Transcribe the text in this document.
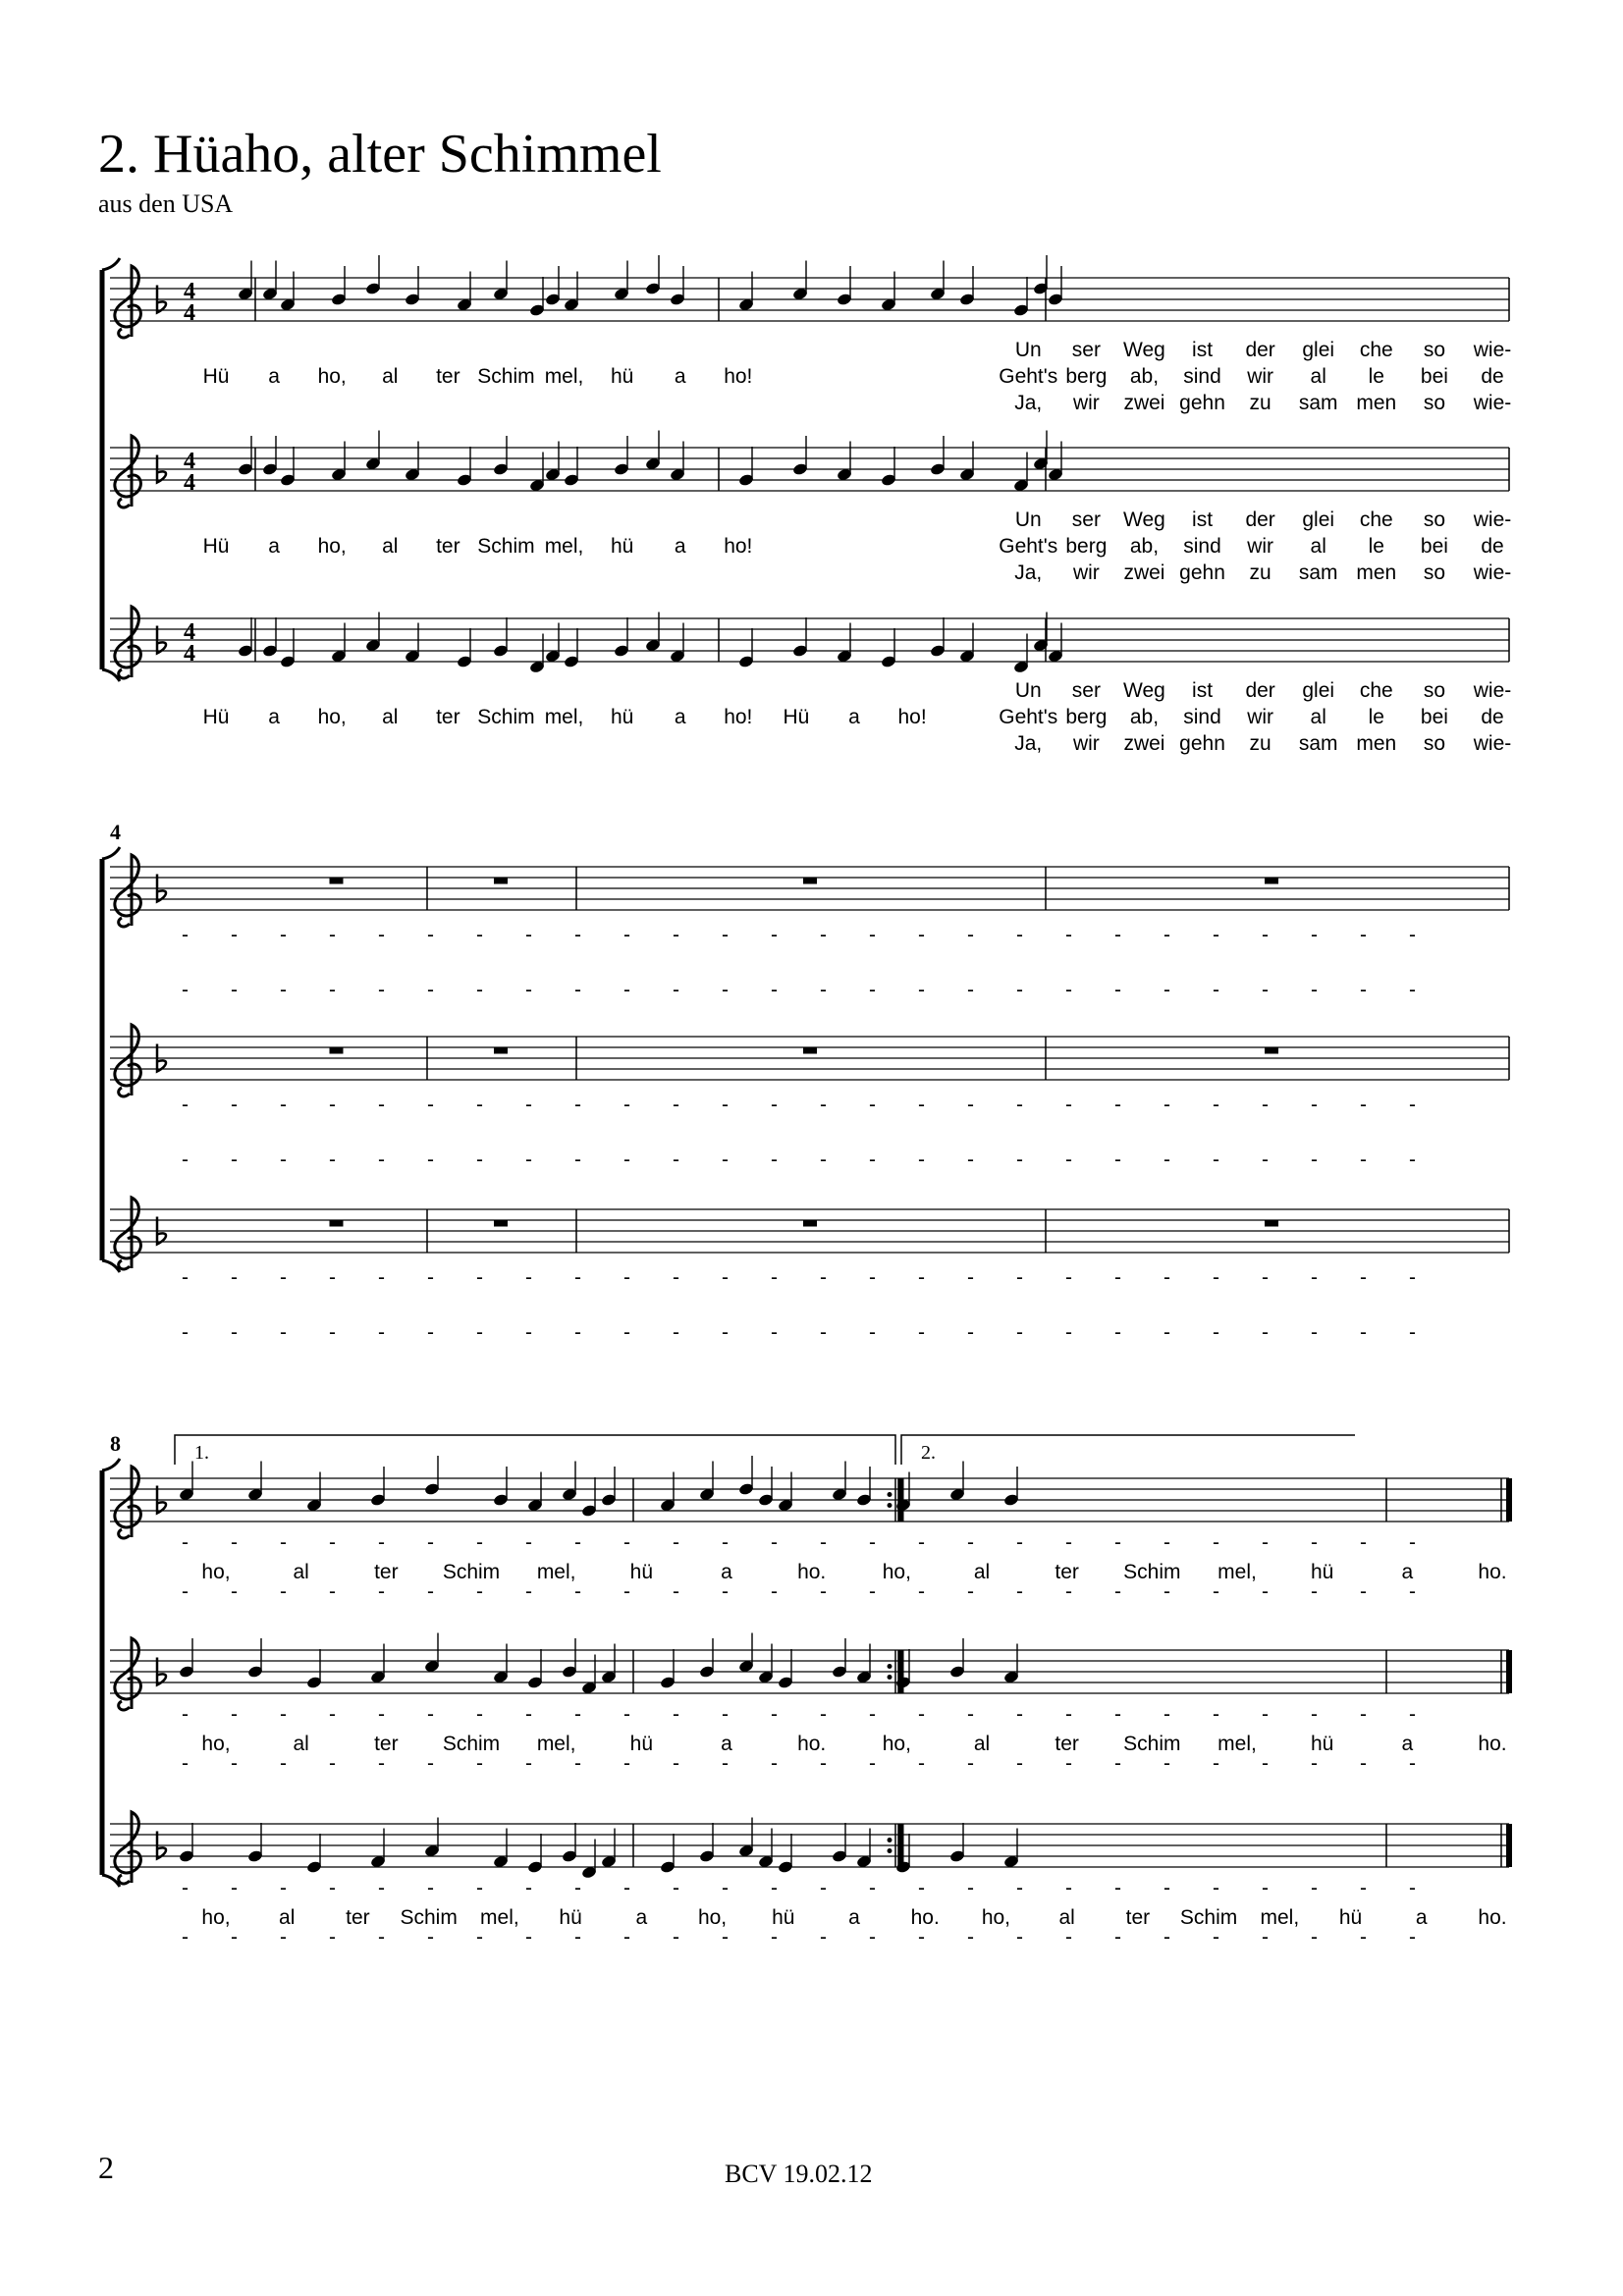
2. Hüaho, alter Schimmel
aus den USA
4
4
Un ser Weg ist der glei che so wie-
Hü a ho, al ter Schim mel, hü a ho!	Geht's berg ab, sind wir al le bei de
Ja, wir zwei gehn zu sam men so wie-
4
4
Un ser Weg ist der glei che so wie-
Hü a ho, al ter Schim mel, hü a ho!	Geht's berg ab, sind wir al le bei de
Ja, wir zwei gehn zu sam men so wie-
4
4
Un ser Weg ist der glei che so wie-
Hü a ho, al ter Schim mel, hü a ho! Hü a ho!	Geht's berg ab, sind wir al le bei de
Ja, wir zwei gehn zu sam men so wie-
4
- - - - - - - - - - - - - - - - - - - - - - - - - -
- - - - - - - - - - - - - - - - - - - - - - - - - -
- - - - - - - - - - - - - - - - - - - - - - - - - -
- - - - - - - - - - - - - - - - - - - - - - - - - -
- - - - - - - - - - - - - - - - - - - - - - - - - -
- - - - - - - - - - - - - - - - - - - - - - - - - -
8
ho,	al	ter Schim mel,	hü	a	ho.	ho,	al	ter Schim mel,	hü	a	ho.
- - - - - - - - - - - - - - - - - - - - - - - - - -
- - - - - - - - - - - - - - - - - - - - - - - - - -
ho,	al	ter Schim mel,	hü	a	ho.	ho,	al	ter Schim mel,	hü	a	ho.
- - - - - - - - - - - - - - - - - - - - - - - - - -
- - - - - - - - - - - - - - - - - - - - - - - - - -
ho, al ter Schim mel, hü	a ho, hü	a ho. ho, al ter Schim mel, hü	a ho.
- - - - - - - - - - - - - - - - - - - - - - - - - -
- - - - - - - - - - - - - - - - - - - - - - - - - -
1.	2.
2	BCV 19.02.12
